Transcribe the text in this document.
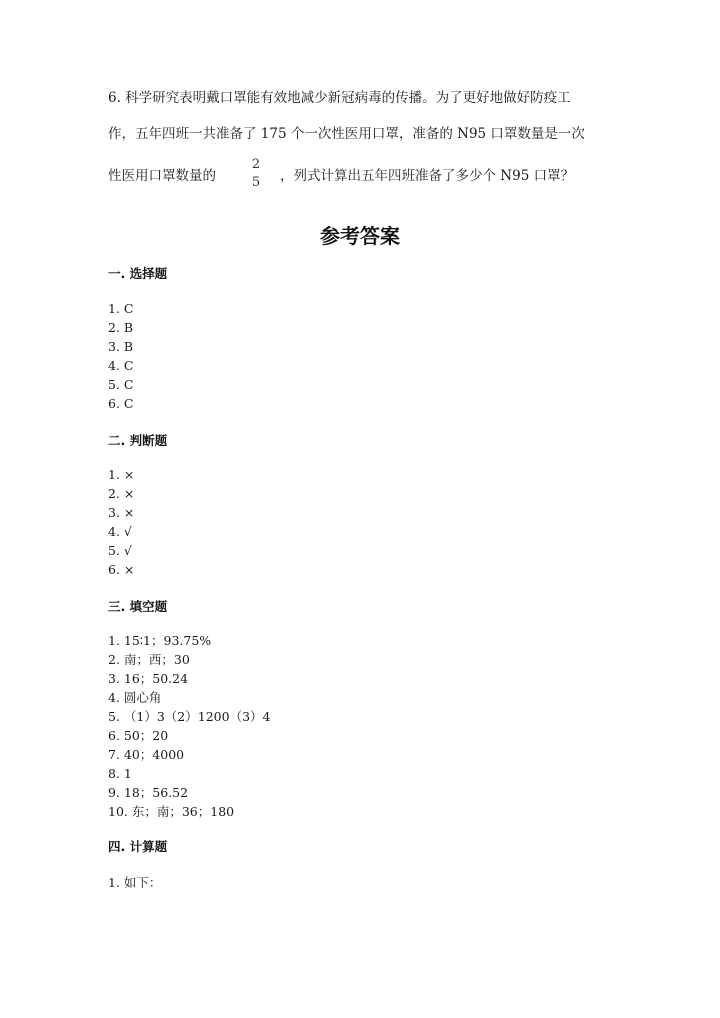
6. 科学研究表明戴口罩能有效地减少新冠病毒的传播。为了更好地做好防疫工
作，五年四班一共准备了 175 个一次性医用口罩，准备的 N95 口罩数量是一次
性医用口罩数量的
2
5 ，列式计算出五年四班准备了多少个 N95 口罩？
参考答案
一. 选择题
1. C
2. B
3. B
4. C
5. C
6. C
二. 判断题
1. ×
2. ×
3. ×
4. √
5. √
6. ×
三. 填空题
1. 15∶1；93.75%
2. 南；西；30
3. 16；50.24
4. 圆心角
5. （1）3（2）1200（3）4
6. 50；20
7. 40；4000
8. 1
9. 18；56.52
10. 东；南；36；180
四. 计算题
1. 如下：
